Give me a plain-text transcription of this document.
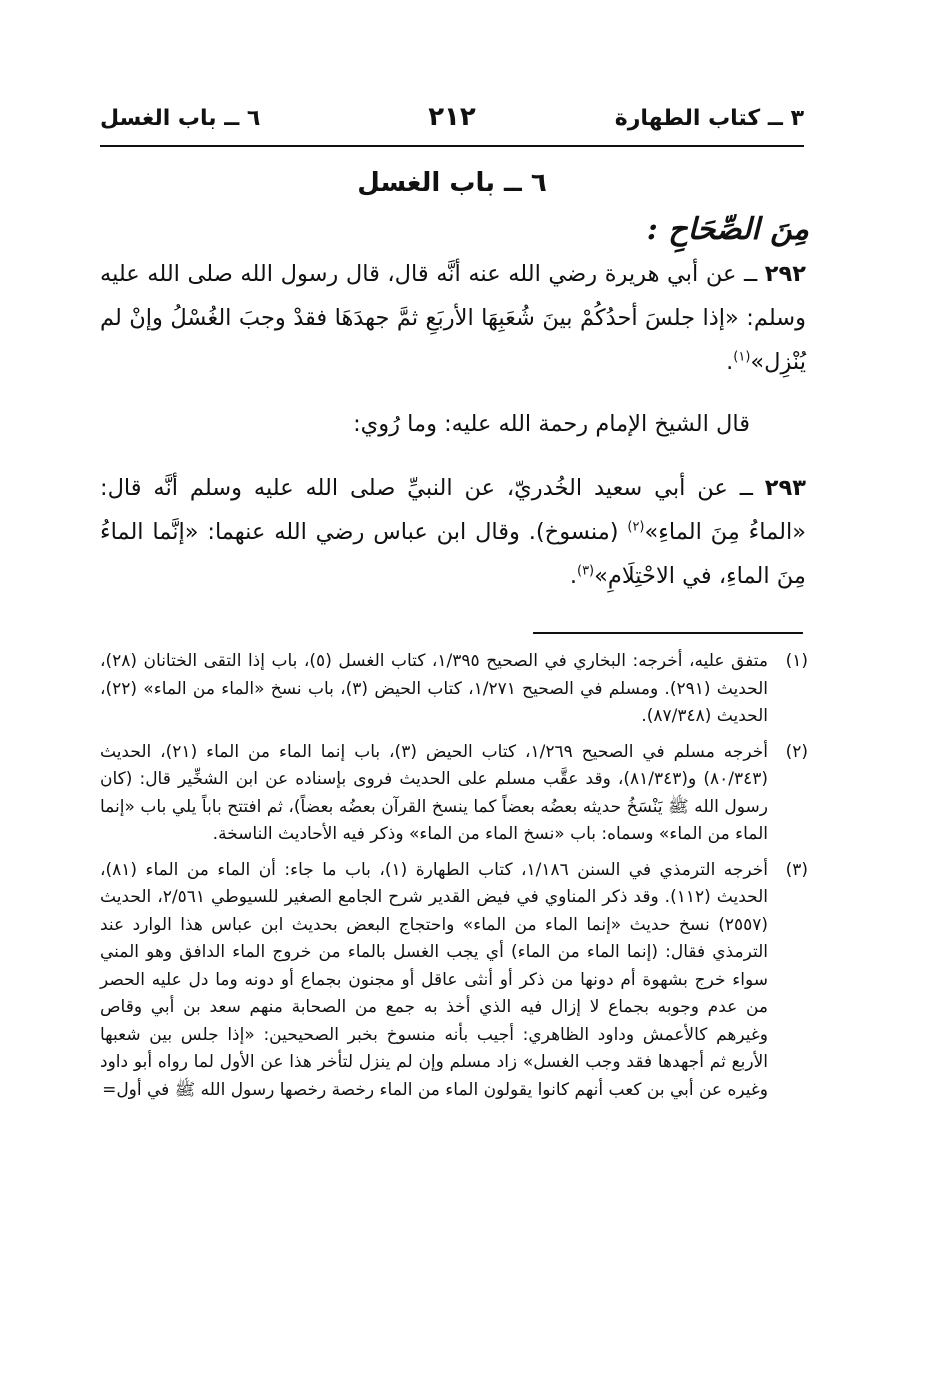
٣ ــ كتاب الطهارة
٢١٢
٦ ــ باب الغسل
٦ ــ باب الغسل
مِنَ الصِّحَاحِ :

٢٩٢ ــ عن أبي هريرة رضي الله عنه أنَّه قال، قال رسول الله صلى الله عليه وسلم: «إذا جلسَ أحدُكُمْ بينَ شُعَبِهَا الأربَعِ ثمَّ جهدَهَا فقدْ وجبَ الغُسْلُ وإنْ لم يُنْزِل»$^{(١)}$.

قال الشيخ الإمام رحمة الله عليه: وما رُوي:

٢٩٣ ــ عن أبي سعيد الخُدريّ، عن النبيِّ صلى الله عليه وسلم أنَّه قال: «الماءُ مِنَ الماءِ»$^{(٢)}$ (منسوخ). وقال ابن عباس رضي الله عنهما: «إنَّما الماءُ مِنَ الماءِ، في الاحْتِلَامِ»$^{(٣)}$.

(١)
متفق عليه، أخرجه: البخاري في الصحيح ١/٣٩٥، كتاب الغسل (٥)، باب إذا التقى الختانان (٢٨)، الحديث (٢٩١). ومسلم في الصحيح ١/٢٧١، كتاب الحيض (٣)، باب نسخ «الماء من الماء» (٢٢)، الحديث (٨٧/٣٤٨).

(٢)
أخرجه مسلم في الصحيح ١/٢٦٩، كتاب الحيض (٣)، باب إنما الماء من الماء (٢١)، الحديث (٨٠/٣٤٣) و(٨١/٣٤٣)، وقد عقَّب مسلم على الحديث فروى بإسناده عن ابن الشخِّير قال: (كان رسول الله ﷺ يَنْسَخُ حديثه بعضُه بعضاً كما ينسخ القرآن بعضُه بعضاً)، ثم افتتح باباً يلي باب «إنما الماء من الماء» وسماه: باب «نسخ الماء من الماء» وذكر فيه الأحاديث الناسخة.

(٣)
أخرجه الترمذي في السنن ١/١٨٦، كتاب الطهارة (١)، باب ما جاء: أن الماء من الماء (٨١)، الحديث (١١٢). وقد ذكر المناوي في فيض القدير شرح الجامع الصغير للسيوطي ٢/٥٦١، الحديث (٢٥٥٧) نسخ حديث «إنما الماء من الماء» واحتجاج البعض بحديث ابن عباس هذا الوارد عند الترمذي فقال: (إنما الماء من الماء) أي يجب الغسل بالماء من خروج الماء الدافق وهو المني سواء خرج بشهوة أم دونها من ذكر أو أنثى عاقل أو مجنون بجماع أو دونه وما دل عليه الحصر من عدم وجوبه بجماع لا إزال فيه الذي أخذ به جمع من الصحابة منهم سعد بن أبي وقاص وغيرهم كالأعمش وداود الظاهري: أجيب بأنه منسوخ بخبر الصحيحين: «إذا جلس بين شعبها الأربع ثم أجهدها فقد وجب الغسل» زاد مسلم وإن لم ينزل لتأخر هذا عن الأول لما رواه أبو داود وغيره عن أبي بن كعب أنهم كانوا يقولون الماء من الماء رخصة رخصها رسول الله ﷺ في أول=
